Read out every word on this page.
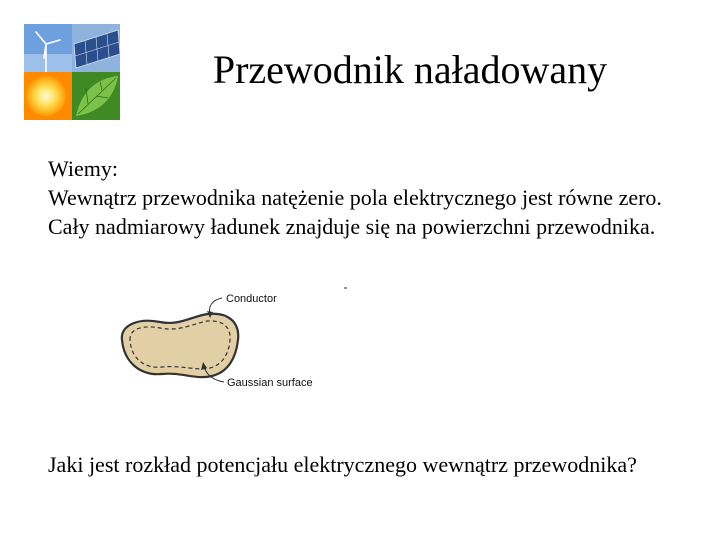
Przewodnik naładowany
Wiemy:
Wewnątrz przewodnika natężenie pola elektrycznego jest równe zero. Cały nadmiarowy ładunek znajduje się na powierzchni przewodnika.
Conductor
Gaussian surface
Jaki jest rozkład potencjału elektrycznego wewnątrz przewodnika?
